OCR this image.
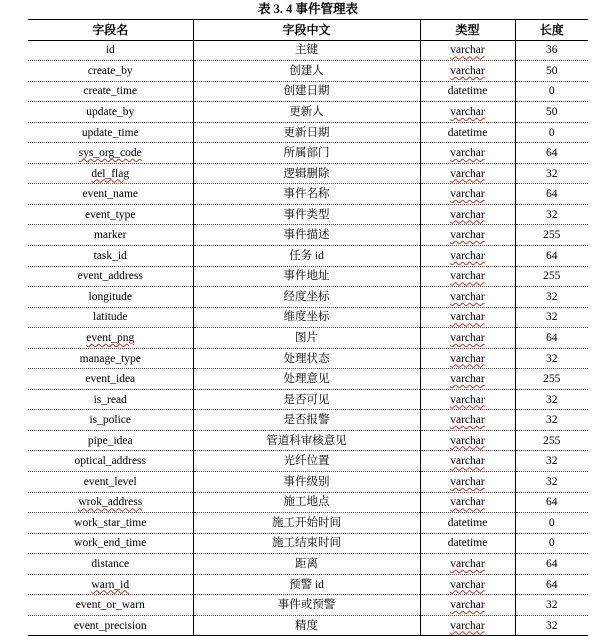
表 3. 4 事件管理表
字段名	字段中文	类型	长度
id	主键	varchar	36
create_by	创建人	varchar	50
create_time	创建日期	datetime	0
update_by	更新人	varchar	50
update_time	更新日期	datetime	0
sys_org_code	所属部门	varchar	64
del_flag	逻辑删除	varchar	32
event_name	事件名称	varchar	64
event_type	事件类型	varchar	32
marker	事件描述	varchar	255
task_id	任务 id	varchar	64
event_address	事件地址	varchar	255
longitude	经度坐标	varchar	32
latitude	维度坐标	varchar	32
event_png	图片	varchar	64
manage_type	处理状态	varchar	32
event_idea	处理意见	varchar	255
is_read	是否可见	varchar	32
is_police	是否报警	varchar	32
pipe_idea	管道科审核意见	varchar	255
optical_address	光纤位置	varchar	32
event_level	事件级别	varchar	32
wrok_address	施工地点	varchar	64
work_star_time	施工开始时间	datetime	0
work_end_time	施工结束时间	datetime	0
distance	距离	varchar	64
warn_id	预警 id	varchar	64
event_or_warn	事件或预警	varchar	32
event_precision	精度	varchar	32
